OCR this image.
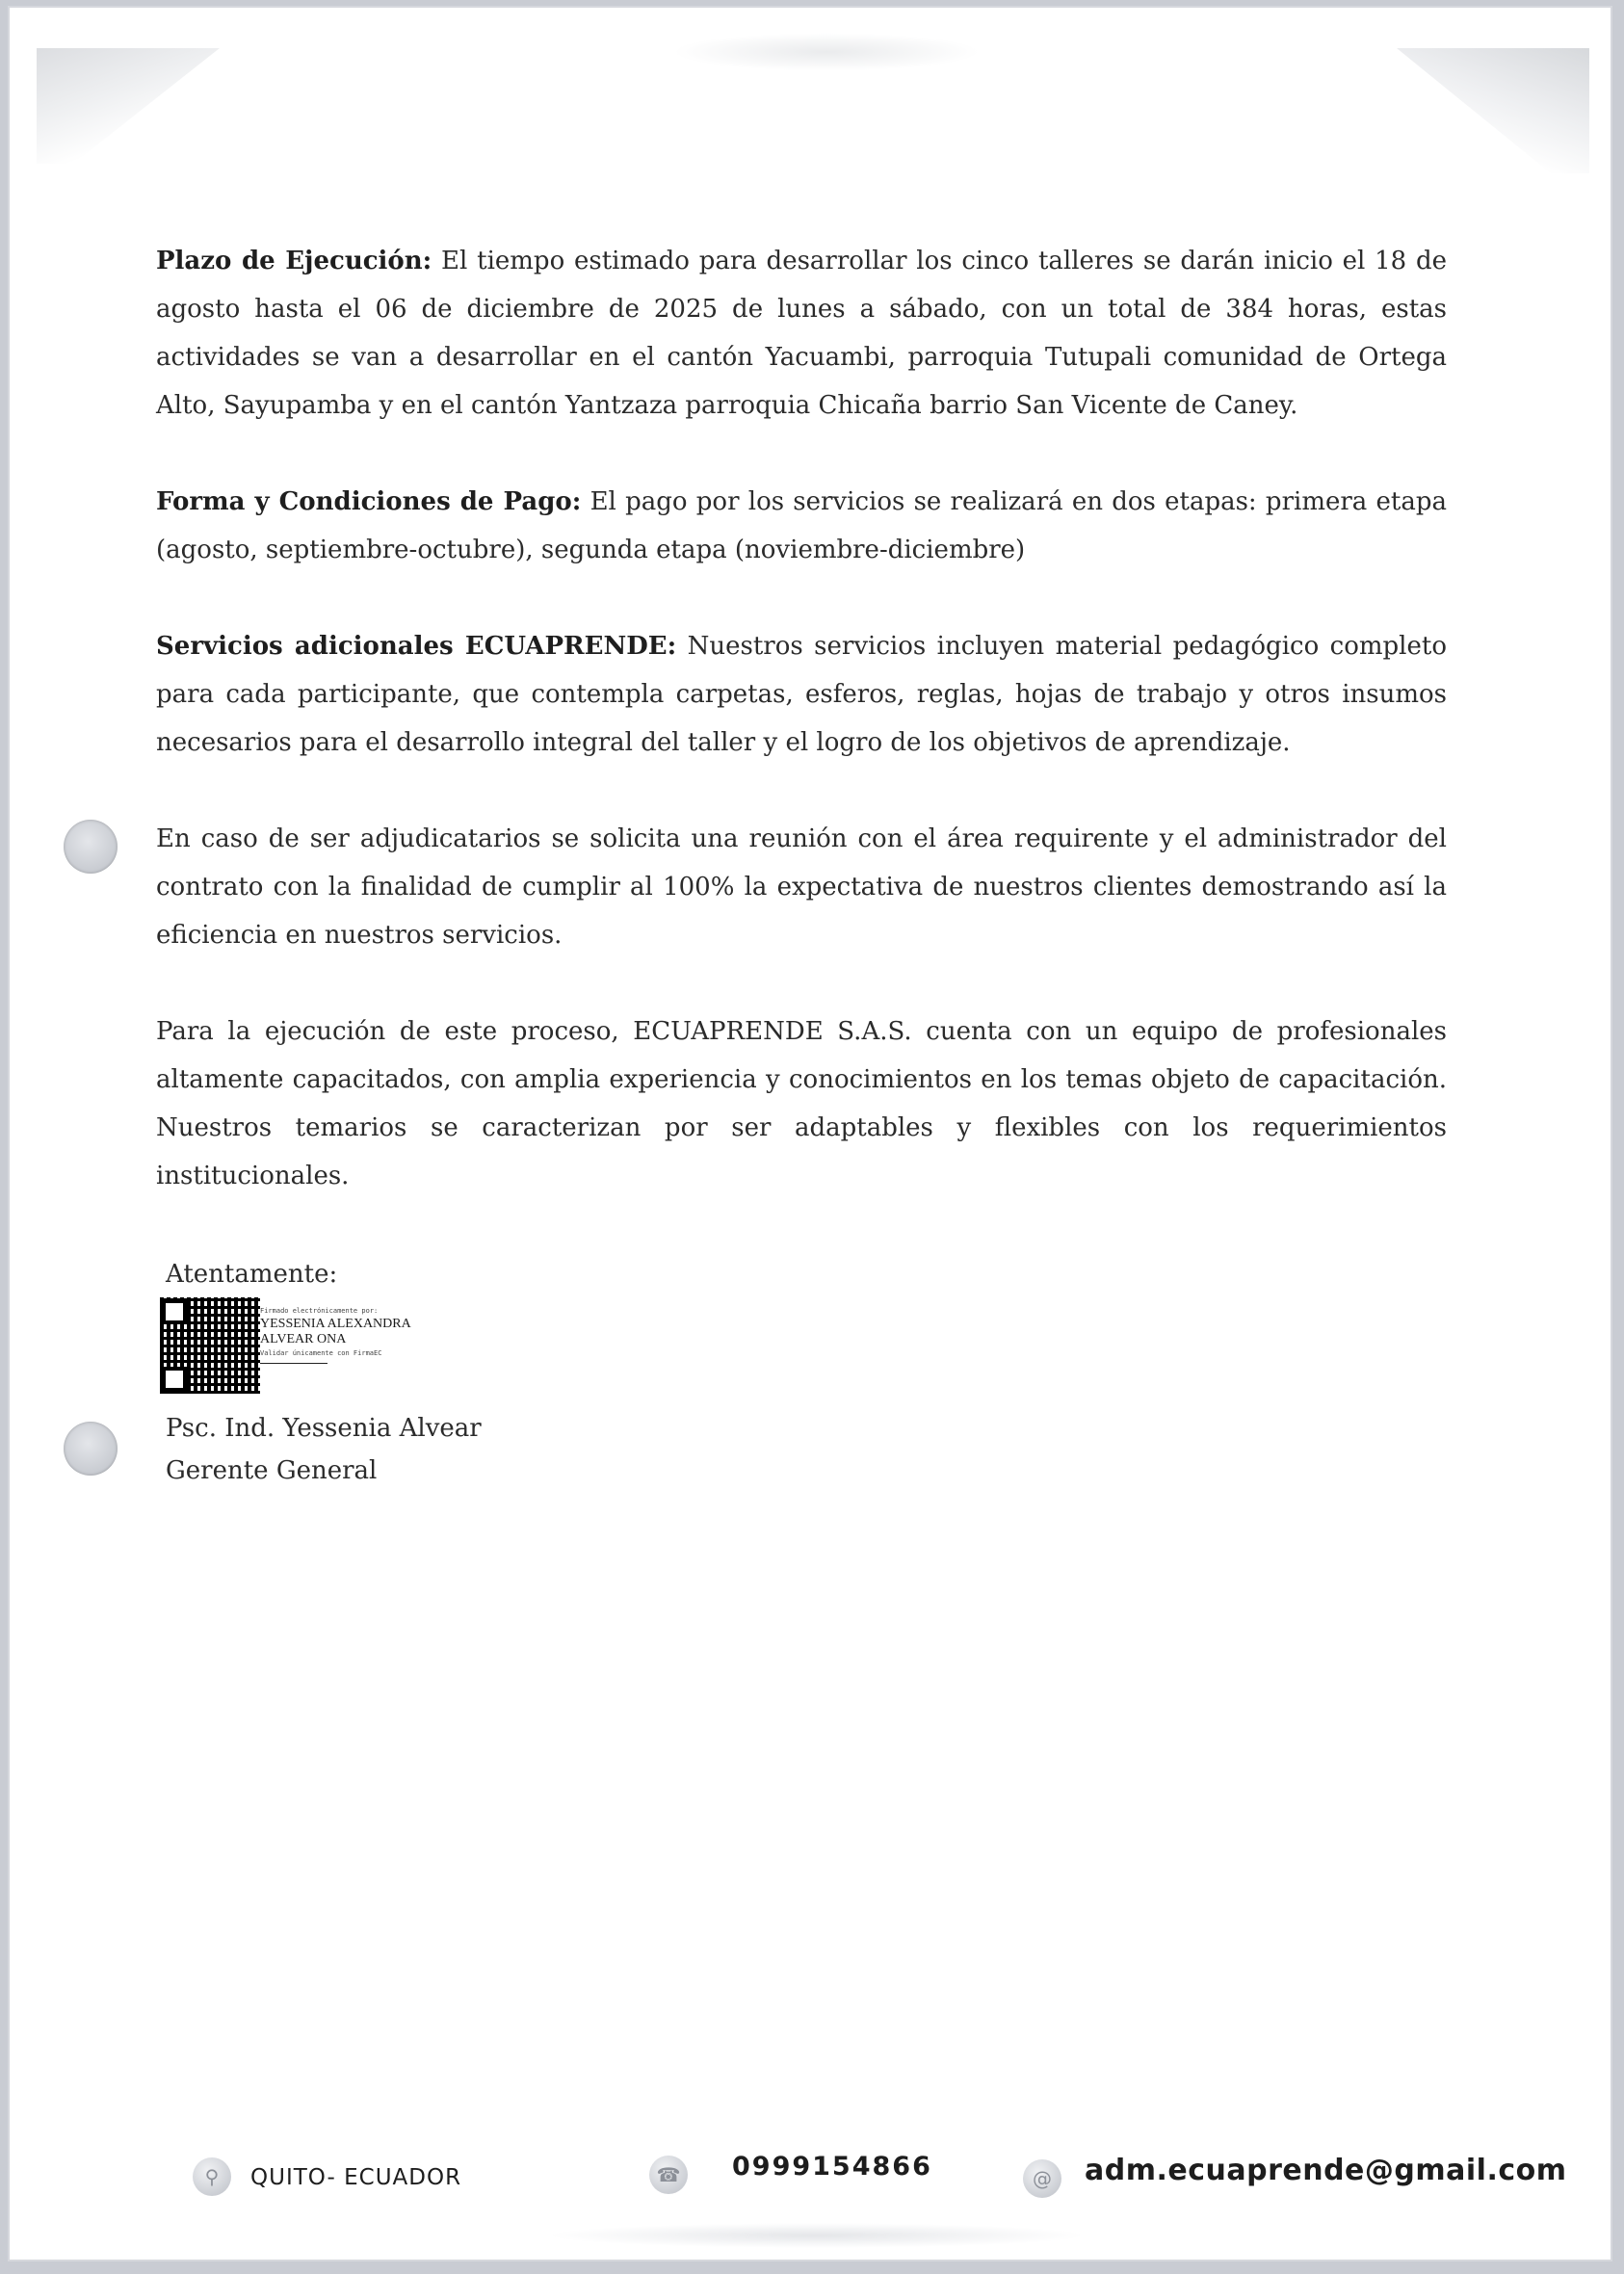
Plazo de Ejecución: El tiempo estimado para desarrollar los cinco talleres se darán inicio el 18 de agosto hasta el 06 de diciembre de 2025 de lunes a sábado, con un total de 384 horas, estas actividades se van a desarrollar en el cantón Yacuambi, parroquia Tutupali comunidad de Ortega Alto, Sayupamba y en el cantón Yantzaza parroquia Chicaña barrio San Vicente de Caney.

Forma y Condiciones de Pago: El pago por los servicios se realizará en dos etapas: primera etapa (agosto, septiembre-octubre), segunda etapa (noviembre-diciembre)

Servicios adicionales ECUAPRENDE: Nuestros servicios incluyen material pedagógico completo para cada participante, que contempla carpetas, esferos, reglas, hojas de trabajo y otros insumos necesarios para el desarrollo integral del taller y el logro de los objetivos de aprendizaje.

En caso de ser adjudicatarios se solicita una reunión con el área requirente y el administrador del contrato con la finalidad de cumplir al 100% la expectativa de nuestros clientes demostrando así la eficiencia en nuestros servicios.

Para la ejecución de este proceso, ECUAPRENDE S.A.S. cuenta con un equipo de profesionales altamente capacitados, con amplia experiencia y conocimientos en los temas objeto de capacitación. Nuestros temarios se caracterizan por ser adaptables y flexibles con los requerimientos institucionales.

Atentamente:
Firmado electrónicamente por:
YESSENIA ALEXANDRA
ALVEAR ONA
Validar únicamente con FirmaEC
Psc. Ind. Yessenia Alvear
Gerente General
⚲	QUITO- ECUADOR	☎ 0999154866	@	adm.ecuaprende@gmail.com
